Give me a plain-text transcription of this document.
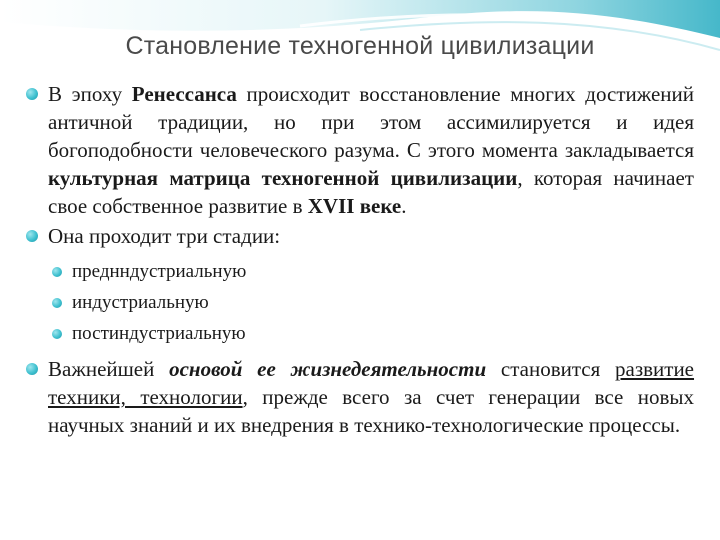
Становление техногенной цивилизации
В эпоху Ренессанса происходит восстановление многих достижений античной традиции, но при этом ассимилируется и идея богоподобности человеческого разума. С этого момента закладывается культурная матрица техногенной цивилизации, которая начинает свое собственное развитие в XVII веке.
Она проходит три стадии:
преднндустриальную
индустриальную
постиндустриальную
Важнейшей основой ее жизнедеятельности становится развитие техники, технологии, прежде всего за счет генерации все новых научных знаний и их внедрения в технико-технологические процессы.
